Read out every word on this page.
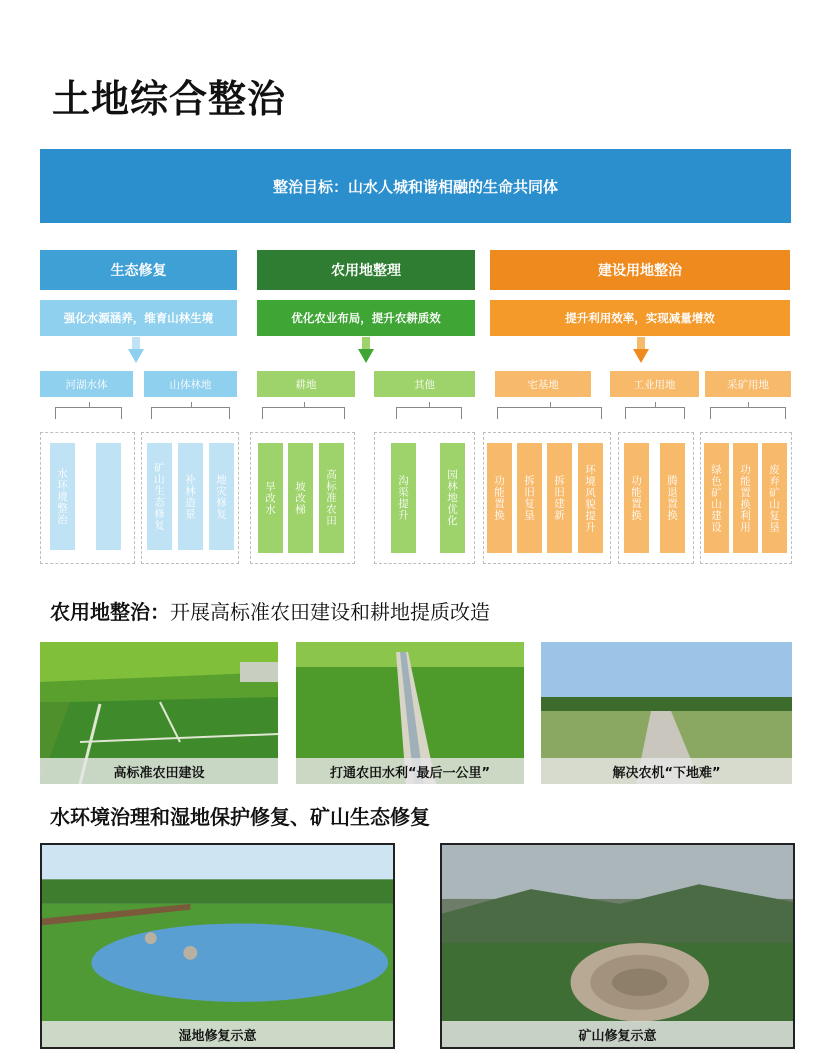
土地综合整治
整治目标：山水人城和谐相融的生命共同体
生态修复	农用地整理	建设用地整治
强化水源涵养，维育山林生境	优化农业布局，提升农耕质效	提升利用效率，实现减量增效
河湖水体	山体林地	耕地	其他	宅基地	工业用地	采矿用地
水环境整治	矿山生态修复	补林造景	地灾修复	旱改水	坡改梯	高标准农田	沟渠提升	园林地优化	功能置换	拆旧复垦	拆旧建新	环境风貌提升	功能置换	腾退置换	绿色矿山建设	功能置换利用	废弃矿山复垦
农用地整治：开展高标准农田建设和耕地提质改造
高标准农田建设	打通农田水利“最后一公里”	解决农机“下地难”
水环境治理和湿地保护修复、矿山生态修复
湿地修复示意	矿山修复示意
